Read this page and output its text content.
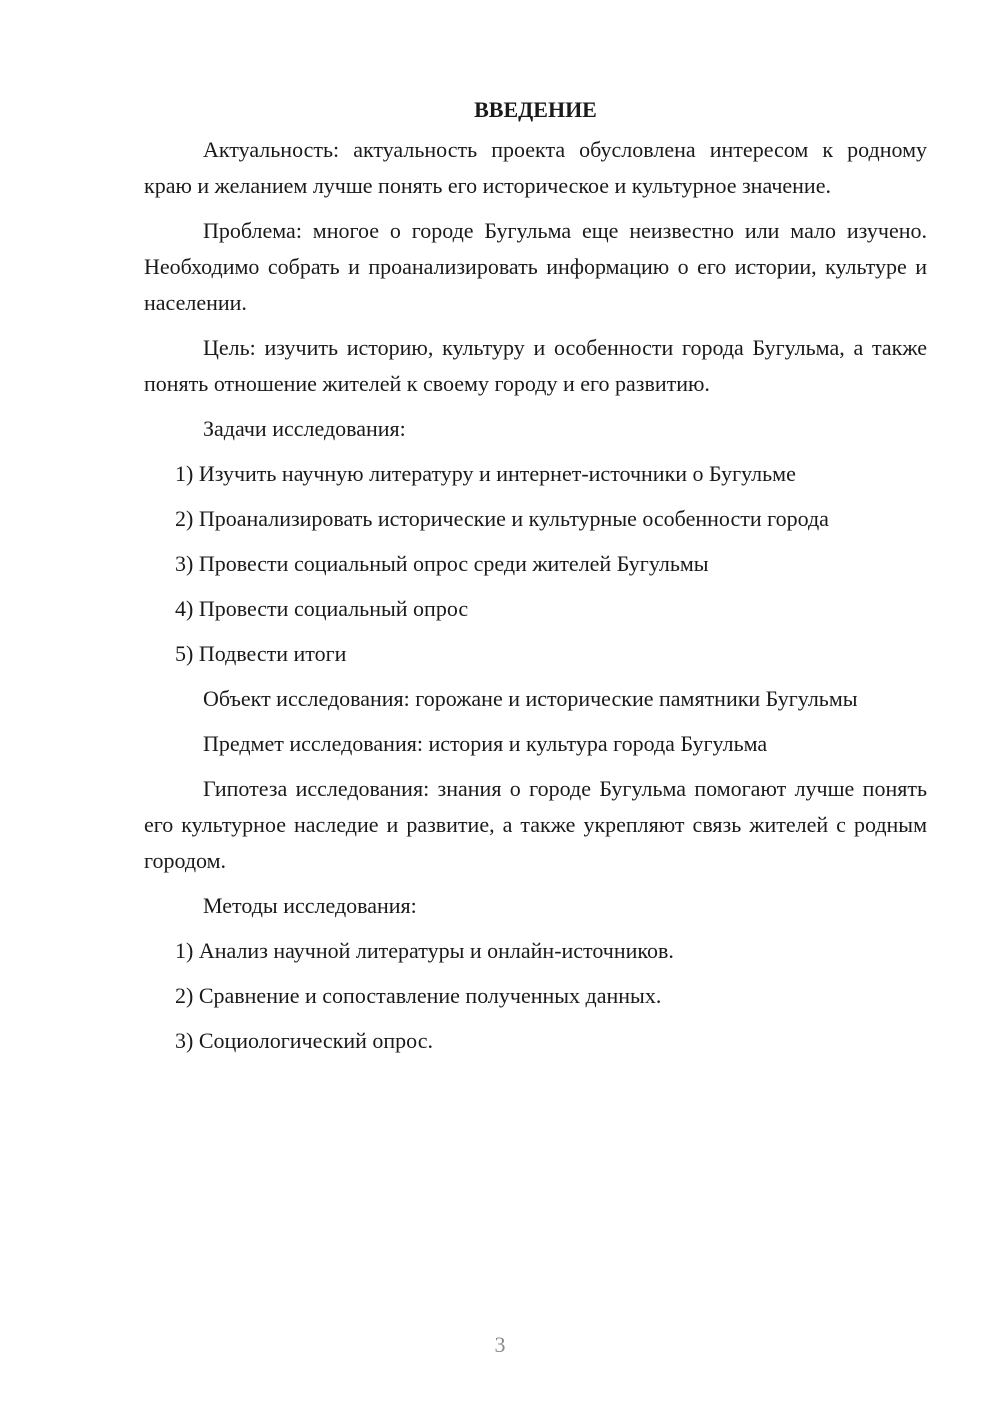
ВВЕДЕНИЕ

Актуальность: актуальность проекта обусловлена интересом к родному краю и желанием лучше понять его историческое и культурное значение.

Проблема: многое о городе Бугульма еще неизвестно или мало изучено. Необходимо собрать и проанализировать информацию о его истории, культуре и населении.

Цель: изучить историю, культуру и особенности города Бугульма, а также понять отношение жителей к своему городу и его развитию.

Задачи исследования:

1) Изучить научную литературу и интернет-источники о Бугульме
2) Проанализировать исторические и культурные особенности города
3) Провести социальный опрос среди жителей Бугульмы
4) Провести социальный опрос
5) Подвести итоги

Объект исследования: горожане и исторические памятники Бугульмы

Предмет исследования: история и культура города Бугульма

Гипотеза исследования: знания о городе Бугульма помогают лучше понять его культурное наследие и развитие, а также укрепляют связь жителей с родным городом.

Методы исследования:

1) Анализ научной литературы и онлайн-источников.
2) Сравнение и сопоставление полученных данных.
3) Социологический опрос.
3
